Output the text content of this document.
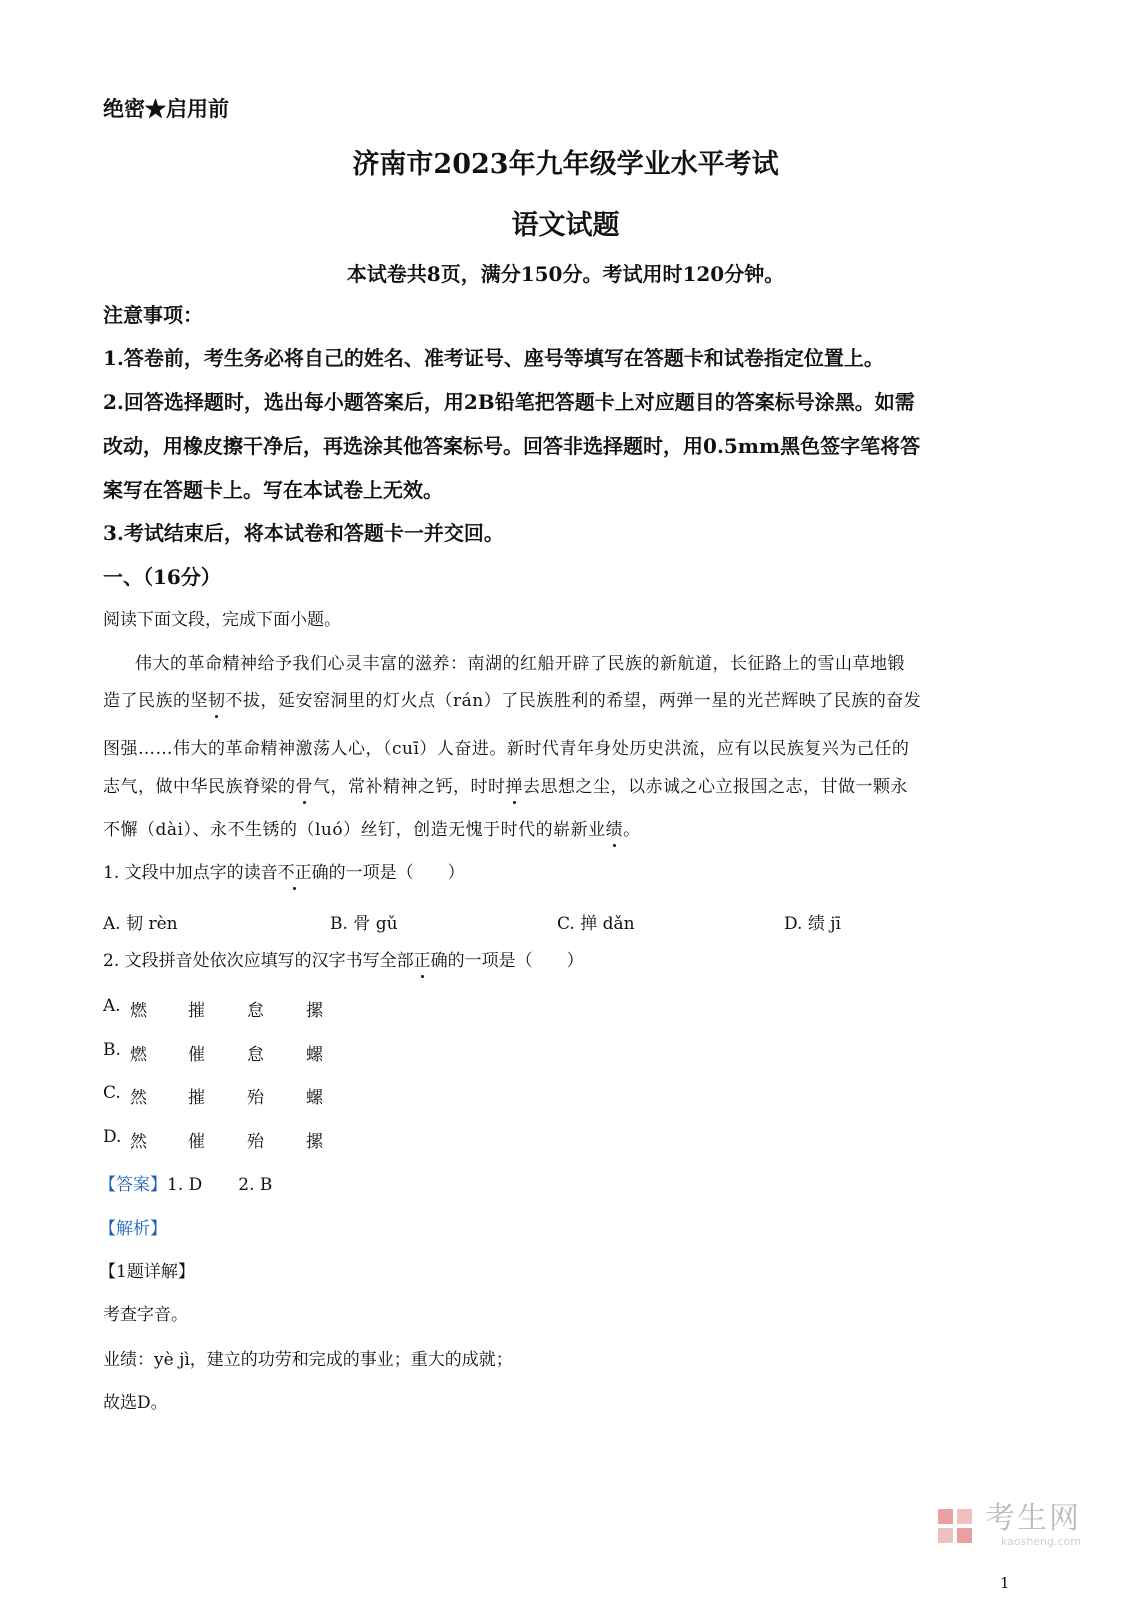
绝密★启用前
济南市2023年九年级学业水平考试
语文试题
本试卷共8页，满分150分。考试用时120分钟。
注意事项：
1.答卷前，考生务必将自己的姓名、准考证号、座号等填写在答题卡和试卷指定位置上。
2.回答选择题时，选出每小题答案后，用2B铅笔把答题卡上对应题目的答案标号涂黑。如需
改动，用橡皮擦干净后，再选涂其他答案标号。回答非选择题时，用0.5mm黑色签字笔将答
案写在答题卡上。写在本试卷上无效。
3.考试结束后，将本试卷和答题卡一并交回。
一、（16分）
阅读下面文段，完成下面小题。
伟大的革命精神给予我们心灵丰富的滋养：南湖的红船开辟了民族的新航道，长征路上的雪山草地锻
造了民族的坚韧不拔，延安窑洞里的灯火点（rán）了民族胜利的希望，两弹一星的光芒辉映了民族的奋发
图强……伟大的革命精神激荡人心，（cuī）人奋进。新时代青年身处历史洪流，应有以民族复兴为己任的
志气，做中华民族脊梁的骨气，常补精神之钙，时时掸去思想之尘，以赤诚之心立报国之志，甘做一颗永
不懈（dài）、永不生锈的（luó）丝钉，创造无愧于时代的崭新业绩。
1. 文段中加点字的读音不正确的一项是（　　）
A. 韧 rèn	B. 骨 gǔ	C. 掸 dǎn	D. 绩 jī
2. 文段拼音处依次应填写的汉字书写全部正确的一项是（　　）
A. 燃 摧 怠 摞
B. 燃 催 怠 螺
C. 然 摧 殆 螺
D. 然 催 殆 摞
【答案】1. D 2. B
【解析】
【1题详解】
考查字音。
业绩：yè jì，建立的功劳和完成的事业；重大的成就；
故选D。

考生网
kaosheng.com
1
